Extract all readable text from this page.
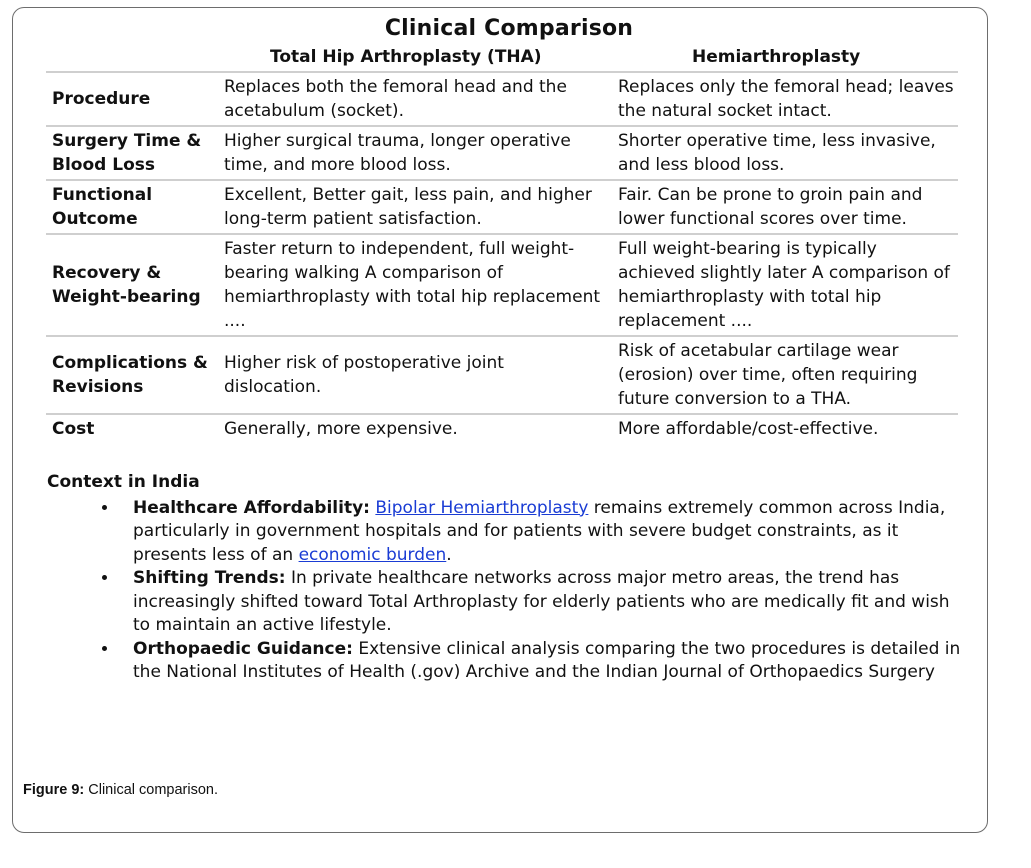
Clinical Comparison
	Total Hip Arthroplasty (THA)	Hemiarthroplasty
Procedure	Replaces both the femoral head and the acetabulum (socket).	Replaces only the femoral head; leaves the natural socket intact.
Surgery Time & Blood Loss	Higher surgical trauma, longer operative time, and more blood loss.	Shorter operative time, less invasive, and less blood loss.
Functional Outcome	Excellent, Better gait, less pain, and higher long-term patient satisfaction.	Fair. Can be prone to groin pain and lower functional scores over time.
Recovery & Weight-bearing	Faster return to independent, full weight-bearing walking A comparison of hemiarthroplasty with total hip replacement ....	Full weight-bearing is typically achieved slightly later A comparison of hemiarthroplasty with total hip replacement ....
Complications & Revisions	Higher risk of postoperative joint dislocation.	Risk of acetabular cartilage wear (erosion) over time, often requiring future conversion to a THA.
Cost	Generally, more expensive.	More affordable/cost-effective.
Context in India
• Healthcare Affordability: Bipolar Hemiarthroplasty remains extremely common across India, particularly in government hospitals and for patients with severe budget constraints, as it presents less of an economic burden.
• Shifting Trends: In private healthcare networks across major metro areas, the trend has increasingly shifted toward Total Arthroplasty for elderly patients who are medically fit and wish to maintain an active lifestyle.
• Orthopaedic Guidance: Extensive clinical analysis comparing the two procedures is detailed in the National Institutes of Health (.gov) Archive and the Indian Journal of Orthopaedics Surgery
Figure 9: Clinical comparison.
